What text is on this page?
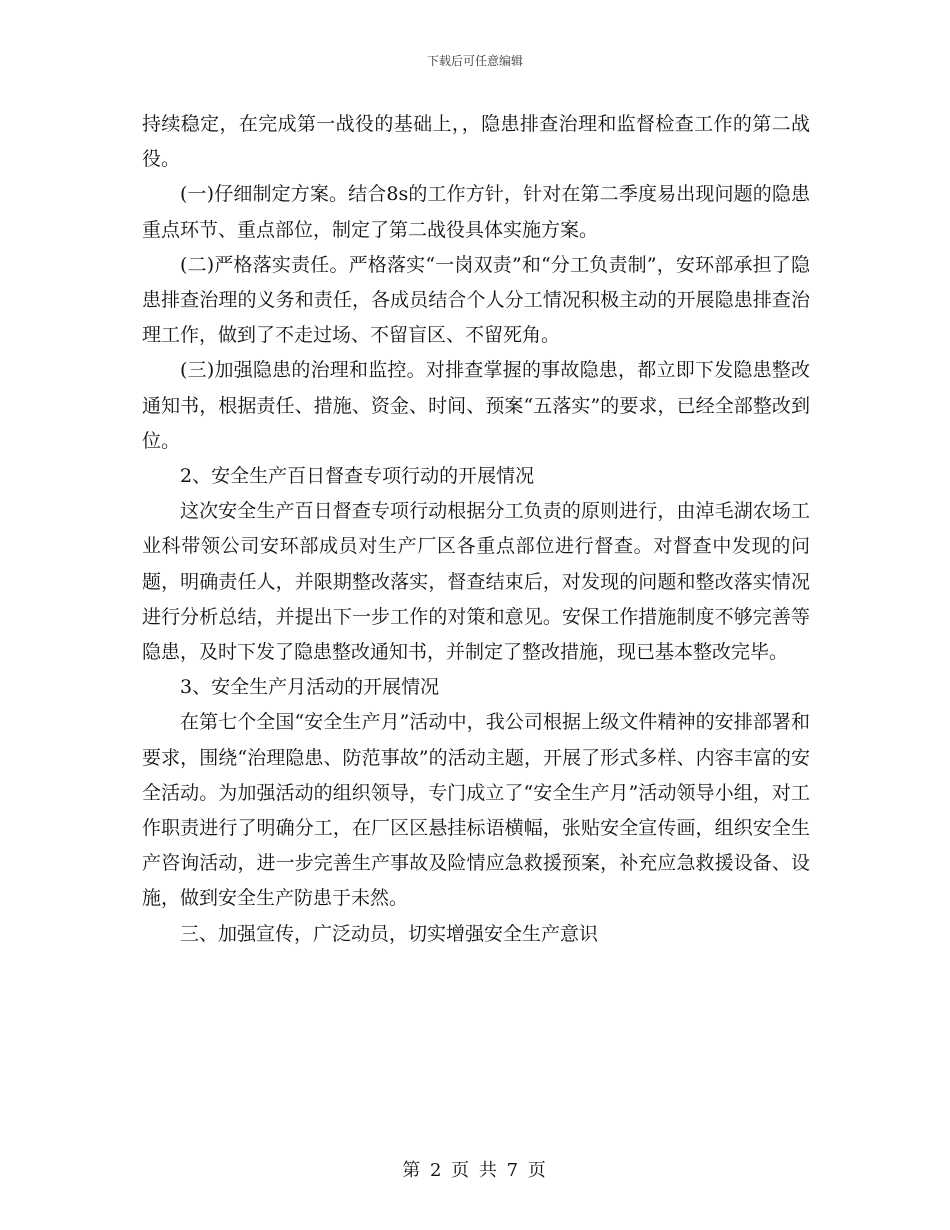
下载后可任意编辑

持续稳定，在完成第一战役的基础上，，隐患排查治理和监督检查工作的第二战役。

(一)仔细制定方案。结合8s的工作方针，针对在第二季度易出现问题的隐患重点环节、重点部位，制定了第二战役具体实施方案。

(二)严格落实责任。严格落实“一岗双责”和“分工负责制”，安环部承担了隐患排查治理的义务和责任，各成员结合个人分工情况积极主动的开展隐患排查治理工作，做到了不走过场、不留盲区、不留死角。

(三)加强隐患的治理和监控。对排查掌握的事故隐患，都立即下发隐患整改通知书，根据责任、措施、资金、时间、预案“五落实”的要求，已经全部整改到位。

2、安全生产百日督查专项行动的开展情况

这次安全生产百日督查专项行动根据分工负责的原则进行，由淖毛湖农场工业科带领公司安环部成员对生产厂区各重点部位进行督查。对督查中发现的问题，明确责任人，并限期整改落实，督查结束后，对发现的问题和整改落实情况进行分析总结，并提出下一步工作的对策和意见。安保工作措施制度不够完善等隐患，及时下发了隐患整改通知书，并制定了整改措施，现已基本整改完毕。

3、安全生产月活动的开展情况

在第七个全国“安全生产月”活动中，我公司根据上级文件精神的安排部署和要求，围绕“治理隐患、防范事故”的活动主题，开展了形式多样、内容丰富的安全活动。为加强活动的组织领导，专门成立了“安全生产月”活动领导小组，对工作职责进行了明确分工，在厂区区悬挂标语横幅，张贴安全宣传画，组织安全生产咨询活动，进一步完善生产事故及险情应急救援预案，补充应急救援设备、设施，做到安全生产防患于未然。

三、加强宣传，广泛动员，切实增强安全生产意识

第 2 页 共 7 页
